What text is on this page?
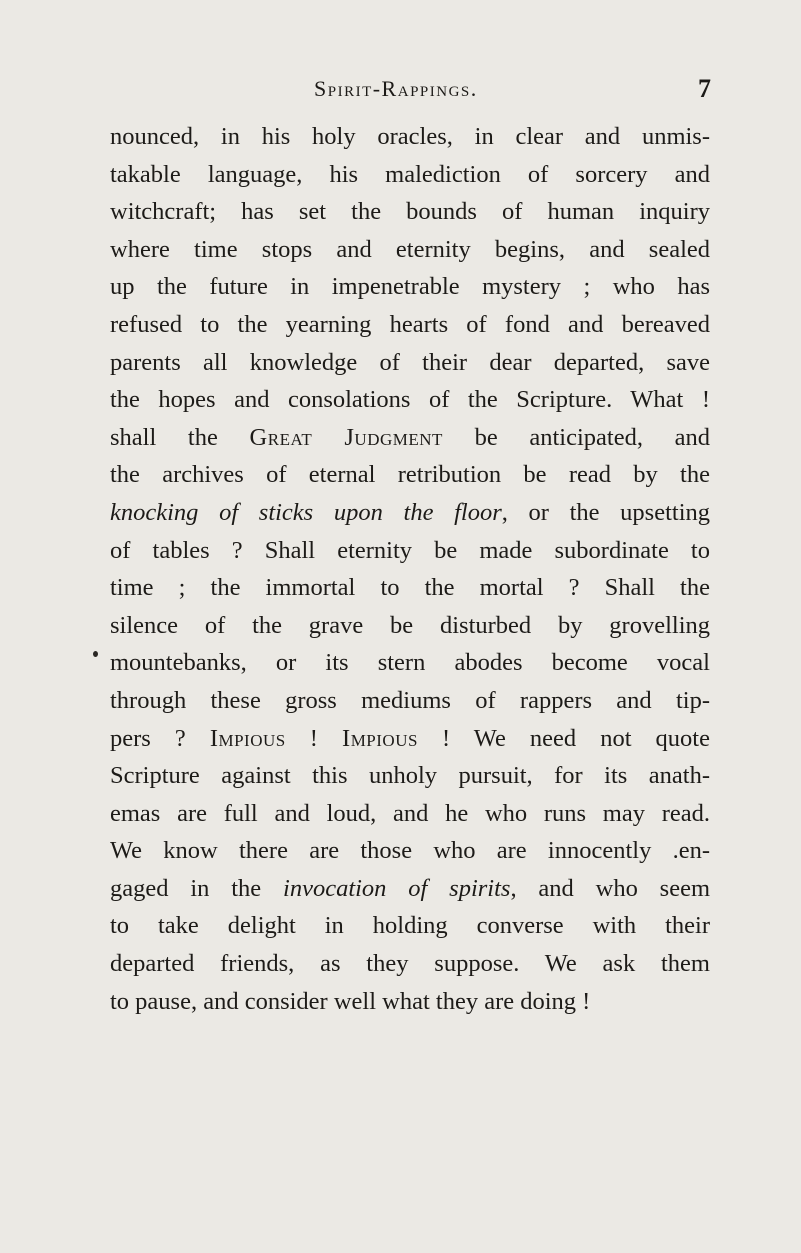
Spirit-Rappings.	7
nounced, in his holy oracles, in clear and unmis-
takable language, his malediction of sorcery and
witchcraft; has set the bounds of human inquiry
where time stops and eternity begins, and sealed
up the future in impenetrable mystery ; who has
refused to the yearning hearts of fond and bereaved
parents all knowledge of their dear departed, save
the hopes and consolations of the Scripture. What !
shall the Great Judgment be anticipated, and
the archives of eternal retribution be read by the
knocking of sticks upon the floor, or the upsetting
of tables ? Shall eternity be made subordinate to
time ; the immortal to the mortal ? Shall the
silence of the grave be disturbed by grovelling
mountebanks, or its stern abodes become vocal
through these gross mediums of rappers and tip-
pers ? Impious ! Impious ! We need not quote
Scripture against this unholy pursuit, for its anath-
emas are full and loud, and he who runs may read.
We know there are those who are innocently .en-
gaged in the invocation of spirits, and who seem
to take delight in holding converse with their
departed friends, as they suppose. We ask them
to pause, and consider well what they are doing !
